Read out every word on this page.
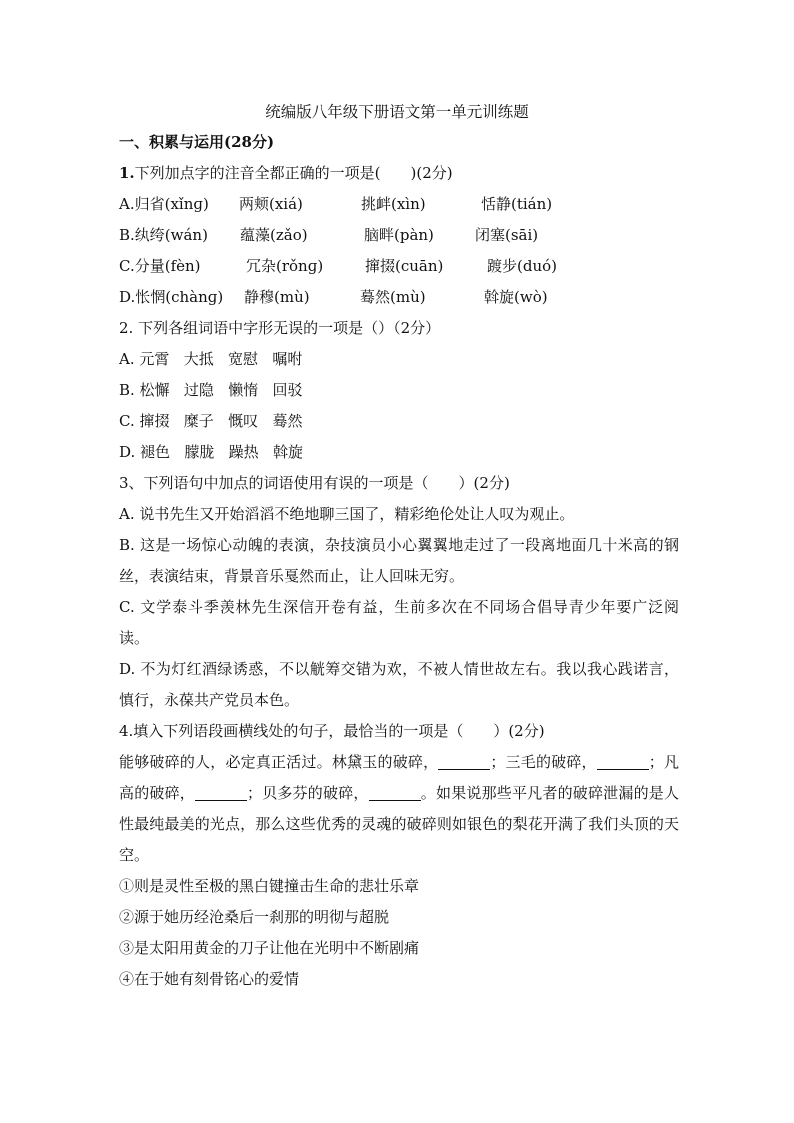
统编版八年级下册语文第一单元训练题
一、积累与运用(28分)
1.下列加点字的注音全都正确的一项是(　　)(2分)
A.归省(xǐnɡ) 两颊(xiá)	挑衅(xìn)	恬静(tián)
B.纨绔(wán) 蕴藻(zǎo)	脑畔(pàn)	闭塞(sāi)
C.分量(fèn)	冗杂(rǒnɡ)	撺掇(cuān)	踱步(duó)
D.怅惘(chànɡ) 静穆(mù)	蓦然(mù)	斡旋(wò)
2. 下列各组词语中字形无误的一项是（）（2分）
A. 元霄 大抵 宽慰 嘱咐
B. 松懈 过隐 懒惰 回驳
C. 撺掇 糜子 慨叹 蓦然
D. 褪色 朦胧 躁热 斡旋
3、下列语句中加点的词语使用有误的一项是（　　）(2分)
A. 说书先生又开始滔滔不绝地聊三国了，精彩绝伦处让人叹为观止。
B. 这是一场惊心动魄的表演，杂技演员小心翼翼地走过了一段离地面几十米高的钢丝，表演结束，背景音乐戛然而止，让人回味无穷。
C. 文学泰斗季羡林先生深信开卷有益，生前多次在不同场合倡导青少年要广泛阅读。
D. 不为灯红酒绿诱惑，不以觥筹交错为欢，不被人情世故左右。我以我心践诺言，慎行，永葆共产党员本色。
4.填入下列语段画横线处的句子，最恰当的一项是（　　）(2分)
能够破碎的人，必定真正活过。林黛玉的破碎，	；三毛的破碎，	；凡高的破碎，	；贝多芬的破碎，	。如果说那些平凡者的破碎泄漏的是人性最纯最美的光点，那么这些优秀的灵魂的破碎则如银色的梨花开满了我们头顶的天空。
①则是灵性至极的黑白键撞击生命的悲壮乐章
②源于她历经沧桑后一刹那的明彻与超脱
③是太阳用黄金的刀子让他在光明中不断剧痛
④在于她有刻骨铭心的爱情
